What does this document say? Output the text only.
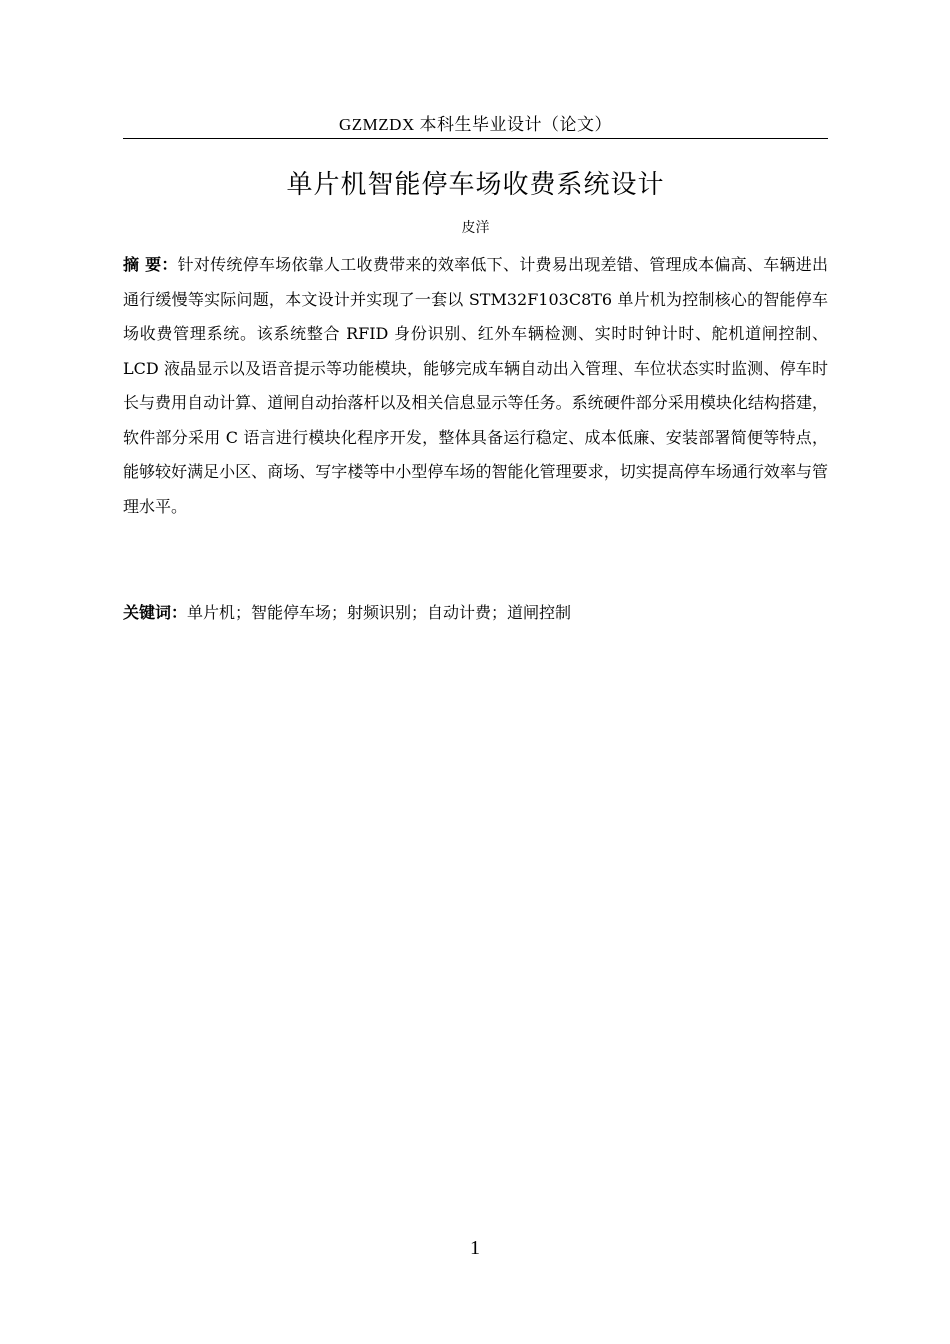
GZMZDX 本科生毕业设计（论文）
单片机智能停车场收费系统设计
皮洋

摘 要：针对传统停车场依靠人工收费带来的效率低下、计费易出现差错、管理成本偏高、车辆进出通行缓慢等实际问题，本文设计并实现了一套以 STM32F103C8T6 单片机为控制核心的智能停车场收费管理系统。该系统整合 RFID 身份识别、红外车辆检测、实时时钟计时、舵机道闸控制、LCD 液晶显示以及语音提示等功能模块，能够完成车辆自动出入管理、车位状态实时监测、停车时长与费用自动计算、道闸自动抬落杆以及相关信息显示等任务。系统硬件部分采用模块化结构搭建，软件部分采用 C 语言进行模块化程序开发，整体具备运行稳定、成本低廉、安装部署简便等特点，能够较好满足小区、商场、写字楼等中小型停车场的智能化管理要求，切实提高停车场通行效率与管理水平。

关键词：单片机；智能停车场；射频识别；自动计费；道闸控制

1
